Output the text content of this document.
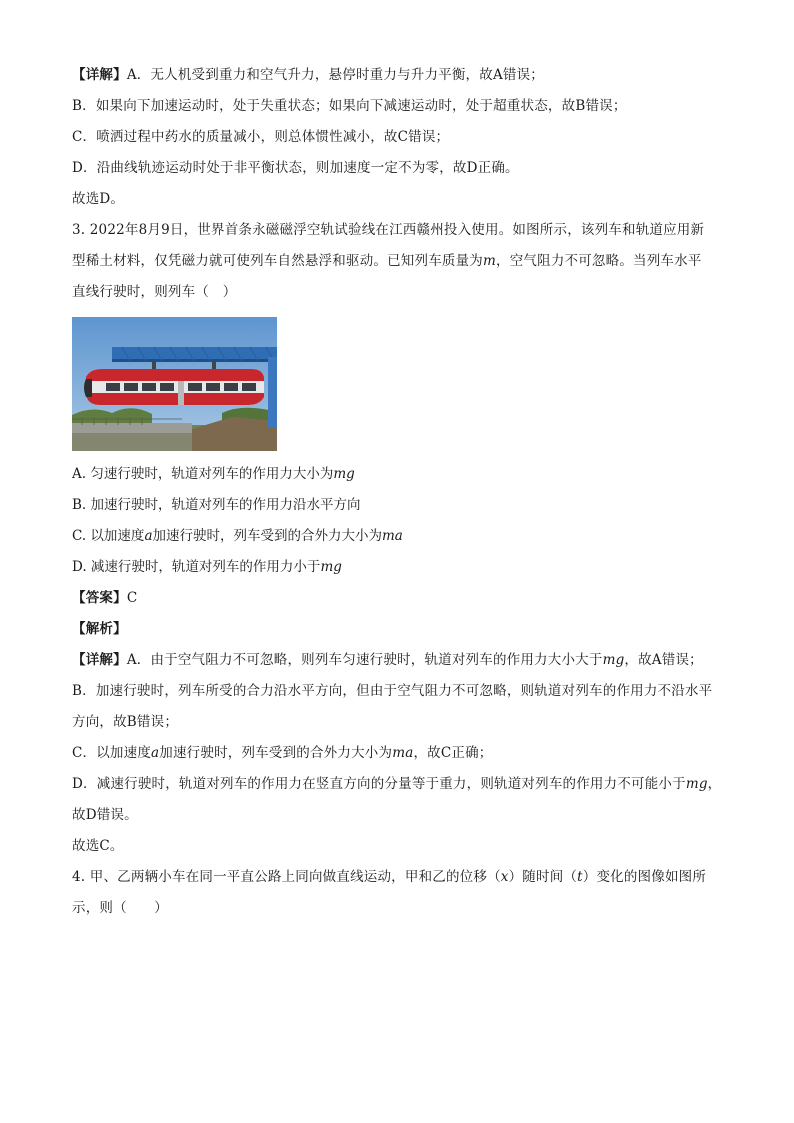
【详解】A．无人机受到重力和空气升力，悬停时重力与升力平衡，故A错误；
B．如果向下加速运动时，处于失重状态；如果向下减速运动时，处于超重状态，故B错误；
C．喷洒过程中药水的质量减小，则总体惯性减小，故C错误；
D．沿曲线轨迹运动时处于非平衡状态，则加速度一定不为零，故D正确。
故选D。
3. 2022年8月9日，世界首条永磁磁浮空轨试验线在江西赣州投入使用。如图所示，该列车和轨道应用新
型稀土材料，仅凭磁力就可使列车自然悬浮和驱动。已知列车质量为m，空气阻力不可忽略。当列车水平
直线行驶时，则列车（　）
A. 匀速行驶时，轨道对列车的作用力大小为mg
B. 加速行驶时，轨道对列车的作用力沿水平方向
C. 以加速度a加速行驶时，列车受到的合外力大小为ma
D. 减速行驶时，轨道对列车的作用力小于mg
【答案】C
【解析】
【详解】A．由于空气阻力不可忽略，则列车匀速行驶时，轨道对列车的作用力大小大于mg，故A错误；
B．加速行驶时，列车所受的合力沿水平方向，但由于空气阻力不可忽略，则轨道对列车的作用力不沿水平
方向，故B错误；
C．以加速度a加速行驶时，列车受到的合外力大小为ma，故C正确；
D．减速行驶时，轨道对列车的作用力在竖直方向的分量等于重力，则轨道对列车的作用力不可能小于mg，
故D错误。
故选C。
4. 甲、乙两辆小车在同一平直公路上同向做直线运动，甲和乙的位移（x）随时间（t）变化的图像如图所
示，则（　　）
